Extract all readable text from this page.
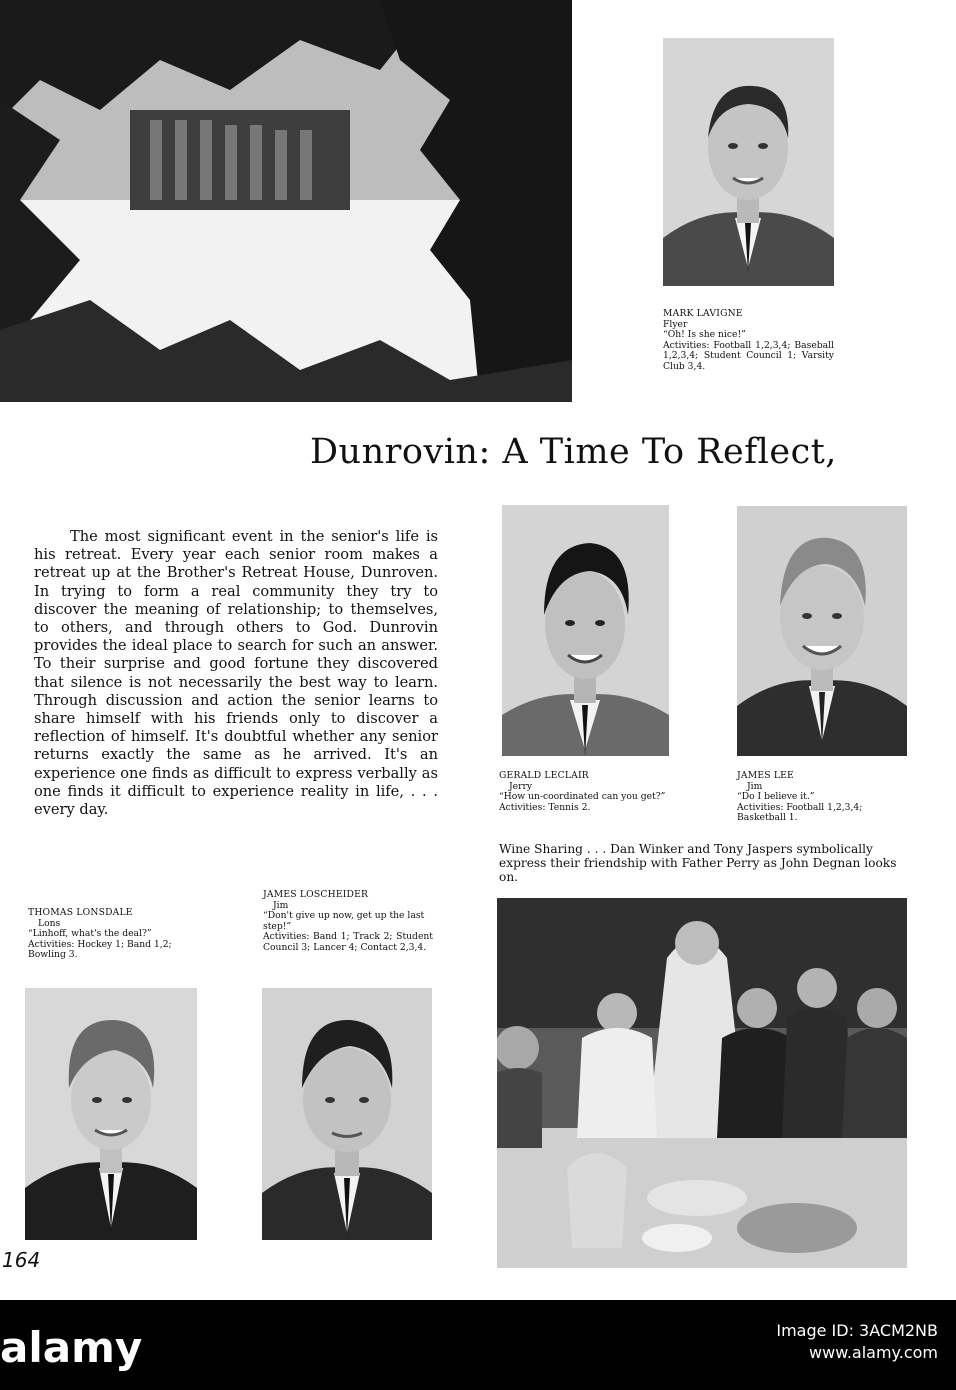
MARK LAVIGNE
Flyer
“Oh! Is she nice!”
Activities: Football 1,2,3,4; Baseball 1,2,3,4; Student Council 1; Varsity Club 3,4.
Dunrovin: A Time To Reflect,
The most significant event in the senior's life is his retreat. Every year each senior room makes a retreat up at the Brother's Retreat House, Dunroven. In trying to form a real community they try to discover the meaning of relationship; to themselves, to others, and through others to God. Dunrovin provides the ideal place to search for such an answer. To their surprise and good fortune they discovered that silence is not necessarily the best way to learn. Through discussion and action the senior learns to share himself with his friends only to discover a reflection of himself. It's doubtful whether any senior returns exactly the same as he arrived. It's an experience one finds as difficult to express verbally as one finds it difficult to experience reality in life, . . . every day.
GERALD LECLAIR
Jerry
“How un-coordinated can you get?”
Activities: Tennis 2.
JAMES LEE
Jim
“Do I believe it.”
Activities: Football 1,2,3,4; Basketball 1.
Wine Sharing . . . Dan Winker and Tony Jaspers symbolically express their friendship with Father Perry as John Degnan looks on.
THOMAS LONSDALE
Lons
“Linhoff, what's the deal?”
Activities: Hockey 1; Band 1,2; Bowling 3.
JAMES LOSCHEIDER
Jim
“Don't give up now, get up the last step!”
Activities: Band 1; Track 2; Student Council 3; Lancer 4; Contact 2,3,4.
164
alamy	Image ID: 3ACM2NB
www.alamy.com
